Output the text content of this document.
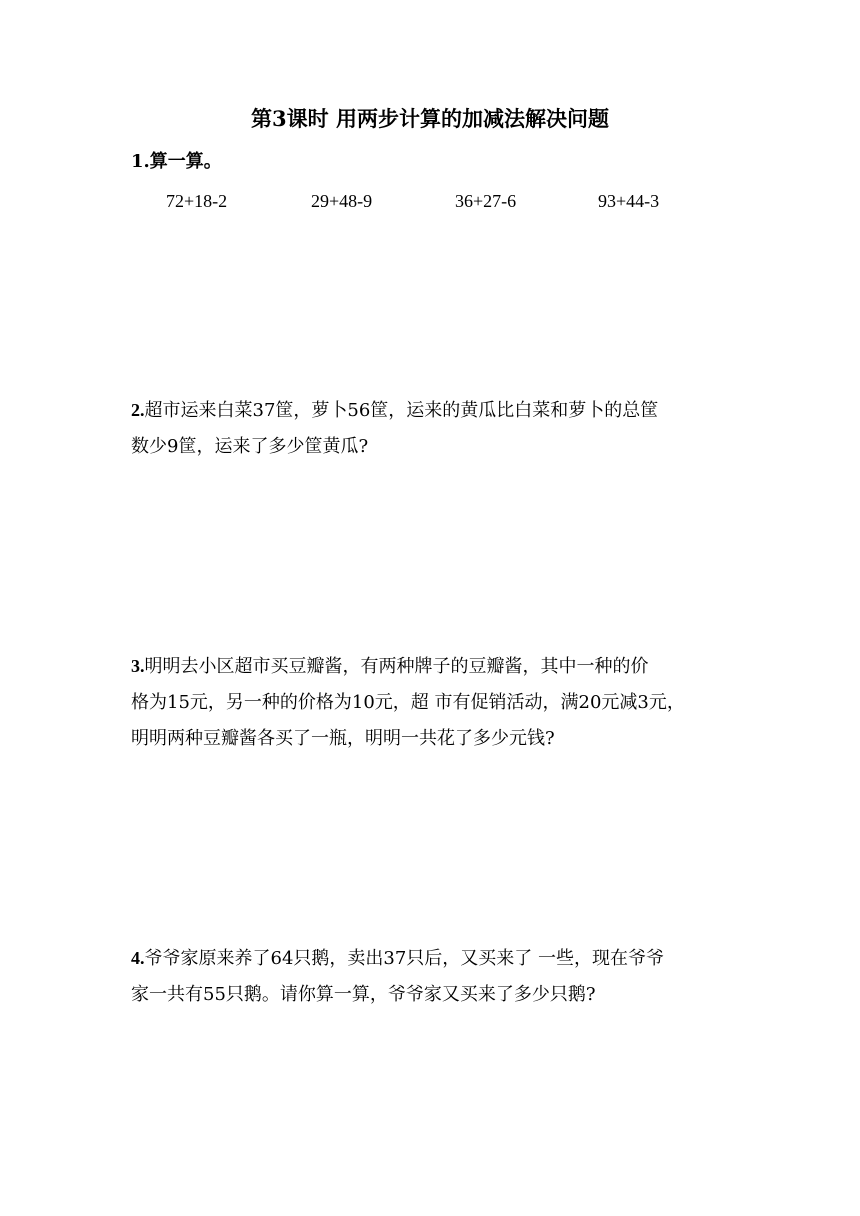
第3课时 用两步计算的加减法解决问题
1.算一算。
72+18-2	29+48-9	36+27-6	93+44-3
2.超市运来白菜37筐，萝卜56筐，运来的黄瓜比白菜和萝卜的总筐
数少9筐，运来了多少筐黄瓜?
3.明明去小区超市买豆瓣酱，有两种牌子的豆瓣酱，其中一种的价
格为15元，另一种的价格为10元，超 市有促销活动，满20元减3元，
明明两种豆瓣酱各买了一瓶，明明一共花了多少元钱?
4.爷爷家原来养了64只鹅，卖出37只后，又买来了 一些，现在爷爷
家一共有55只鹅。请你算一算，爷爷家又买来了多少只鹅?
